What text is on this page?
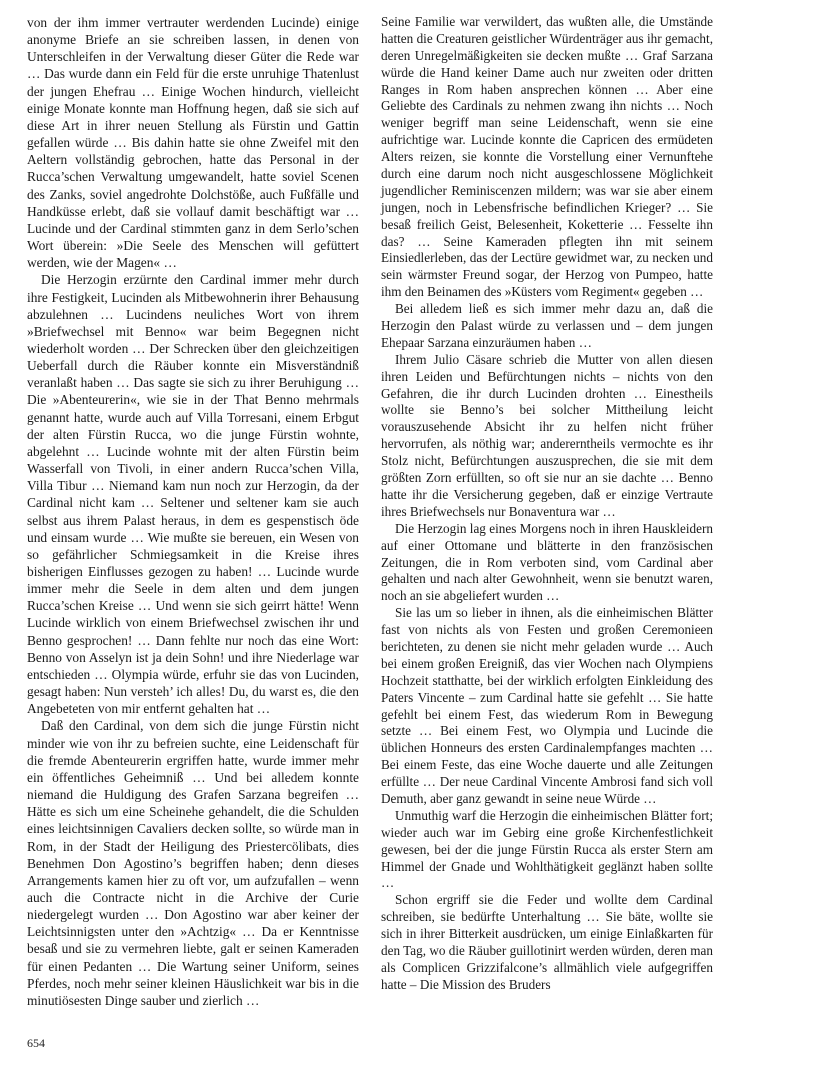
von der ihm immer vertrauter werdenden Lucinde) einige anonyme Briefe an sie schreiben lassen, in denen von Unterschleifen in der Verwaltung dieser Güter die Rede war … Das wurde dann ein Feld für die erste unruhige Thatenlust der jungen Ehefrau … Einige Wochen hindurch, vielleicht einige Monate konnte man Hoffnung hegen, daß sie sich auf diese Art in ihrer neuen Stellung als Fürstin und Gattin gefallen würde … Bis dahin hatte sie ohne Zweifel mit den Aeltern vollständig gebrochen, hatte das Personal in der Rucca’schen Verwaltung umgewandelt, hatte soviel Scenen des Zanks, soviel angedrohte Dolchstöße, auch Fußfälle und Handküsse erlebt, daß sie vollauf damit beschäftigt war … Lucinde und der Cardinal stimmten ganz in dem Serlo’schen Wort überein: »Die Seele des Menschen will gefüttert werden, wie der Magen« …

Die Herzogin erzürnte den Cardinal immer mehr durch ihre Festigkeit, Lucinden als Mitbewohnerin ihrer Behausung abzulehnen … Lucindens neuliches Wort von ihrem »Briefwechsel mit Benno« war beim Begegnen nicht wiederholt worden … Der Schrecken über den gleichzeitigen Ueberfall durch die Räuber konnte ein Misverständniß veranlaßt haben … Das sagte sie sich zu ihrer Beruhigung … Die »Abenteurerin«, wie sie in der That Benno mehrmals genannt hatte, wurde auch auf Villa Torresani, einem Erbgut der alten Fürstin Rucca, wo die junge Fürstin wohnte, abgelehnt … Lucinde wohnte mit der alten Fürstin beim Wasserfall von Tivoli, in einer andern Rucca’schen Villa, Villa Tibur … Niemand kam nun noch zur Herzogin, da der Cardinal nicht kam … Seltener und seltener kam sie auch selbst aus ihrem Palast heraus, in dem es gespenstisch öde und einsam wurde … Wie mußte sie bereuen, ein Wesen von so gefährlicher Schmiegsamkeit in die Kreise ihres bisherigen Einflusses gezogen zu haben! … Lucinde wurde immer mehr die Seele in dem alten und dem jungen Rucca’schen Kreise … Und wenn sie sich geirrt hätte! Wenn Lucinde wirklich von einem Briefwechsel zwischen ihr und Benno gesprochen! … Dann fehlte nur noch das eine Wort: Benno von Asselyn ist ja dein Sohn! und ihre Niederlage war entschieden … Olympia würde, erfuhr sie das von Lucinden, gesagt haben: Nun versteh’ ich alles! Du, du warst es, die den Angebeteten von mir entfernt gehalten hat …

Daß den Cardinal, von dem sich die junge Fürstin nicht minder wie von ihr zu befreien suchte, eine Leidenschaft für die fremde Abenteurerin ergriffen hatte, wurde immer mehr ein öffentliches Geheimniß … Und bei alledem konnte niemand die Huldigung des Grafen Sarzana begreifen … Hätte es sich um eine Scheinehe gehandelt, die die Schulden eines leichtsinnigen Cavaliers decken sollte, so würde man in Rom, in der Stadt der Heiligung des Priestercölibats, dies Benehmen Don Agostino’s begriffen haben; denn dieses Arrangements kamen hier zu oft vor, um aufzufallen – wenn auch die Contracte nicht in die Archive der Curie niedergelegt wurden … Don Agostino war aber keiner der Leichtsinnigsten unter den »Achtzig« … Da er Kenntnisse besaß und sie zu vermehren liebte, galt er seinen Kameraden für einen Pedanten … Die Wartung seiner Uniform, seines Pferdes, noch mehr seiner kleinen Häuslichkeit war bis in die minutiösesten Dinge sauber und zierlich …

Seine Familie war verwildert, das wußten alle, die Umstände hatten die Creaturen geistlicher Würdenträger aus ihr gemacht, deren Unregelmäßigkeiten sie decken mußte … Graf Sarzana würde die Hand keiner Dame auch nur zweiten oder dritten Ranges in Rom haben ansprechen können … Aber eine Geliebte des Cardinals zu nehmen zwang ihn nichts … Noch weniger begriff man seine Leidenschaft, wenn sie eine aufrichtige war. Lucinde konnte die Capricen des ermüdeten Alters reizen, sie konnte die Vorstellung einer Vernunftehe durch eine darum noch nicht ausgeschlossene Möglichkeit jugendlicher Reminiscenzen mildern; was war sie aber einem jungen, noch in Lebensfrische befindlichen Krieger? … Sie besaß freilich Geist, Belesenheit, Koketterie … Fesselte ihn das? … Seine Kameraden pflegten ihn mit seinem Einsiedlerleben, das der Lectüre gewidmet war, zu necken und sein wärmster Freund sogar, der Herzog von Pumpeo, hatte ihm den Beinamen des »Küsters vom Regiment« gegeben …

Bei alledem ließ es sich immer mehr dazu an, daß die Herzogin den Palast würde zu verlassen und – dem jungen Ehepaar Sarzana einzuräumen haben …

Ihrem Julio Cäsare schrieb die Mutter von allen diesen ihren Leiden und Befürchtungen nichts – nichts von den Gefahren, die ihr durch Lucinden drohten … Einestheils wollte sie Benno’s bei solcher Mittheilung leicht vorauszusehende Absicht ihr zu helfen nicht früher hervorrufen, als nöthig war; andererntheils vermochte es ihr Stolz nicht, Befürchtungen auszusprechen, die sie mit dem größten Zorn erfüllten, so oft sie nur an sie dachte … Benno hatte ihr die Versicherung gegeben, daß er einzige Vertraute ihres Briefwechsels nur Bonaventura war …

Die Herzogin lag eines Morgens noch in ihren Hauskleidern auf einer Ottomane und blätterte in den französischen Zeitungen, die in Rom verboten sind, vom Cardinal aber gehalten und nach alter Gewohnheit, wenn sie benutzt waren, noch an sie abgeliefert wurden …

Sie las um so lieber in ihnen, als die einheimischen Blätter fast von nichts als von Festen und großen Ceremonieen berichteten, zu denen sie nicht mehr geladen wurde … Auch bei einem großen Ereigniß, das vier Wochen nach Olympiens Hochzeit statthatte, bei der wirklich erfolgten Einkleidung des Paters Vincente – zum Cardinal hatte sie gefehlt … Sie hatte gefehlt bei einem Fest, das wiederum Rom in Bewegung setzte … Bei einem Fest, wo Olympia und Lucinde die üblichen Honneurs des ersten Cardinalempfanges machten … Bei einem Feste, das eine Woche dauerte und alle Zeitungen erfüllte … Der neue Cardinal Vincente Ambrosi fand sich voll Demuth, aber ganz gewandt in seine neue Würde …

Unmuthig warf die Herzogin die einheimischen Blätter fort; wieder auch war im Gebirg eine große Kirchenfestlichkeit gewesen, bei der die junge Fürstin Rucca als erster Stern am Himmel der Gnade und Wohlthätigkeit geglänzt haben sollte …

Schon ergriff sie die Feder und wollte dem Cardinal schreiben, sie bedürfte Unterhaltung … Sie bäte, wollte sie sich in ihrer Bitterkeit ausdrücken, um einige Einlaßkarten für den Tag, wo die Räuber guillotinirt werden würden, deren man als Complicen Grizzifalcone’s allmählich viele aufgegriffen hatte – Die Mission des Bruders

654
